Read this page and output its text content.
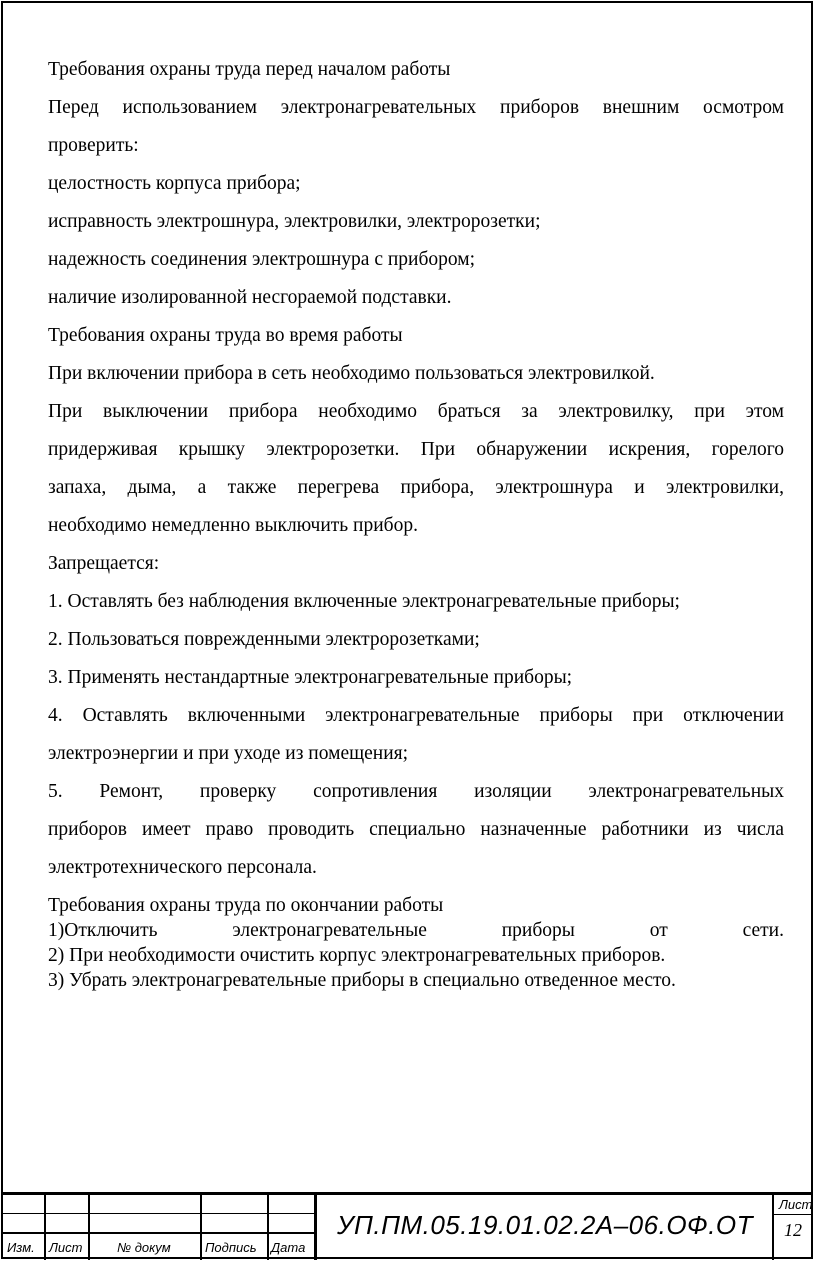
Требования охраны труда перед началом работы
Перед использованием электронагревательных приборов внешним осмотром
проверить:
целостность корпуса прибора;
исправность электрошнура, электровилки, электророзетки;
надежность соединения электрошнура с прибором;
наличие изолированной несгораемой подставки.
Требования охраны труда во время работы
При включении прибора в сеть необходимо пользоваться электровилкой.
При выключении прибора необходимо браться за электровилку, при этом
придерживая крышку электророзетки. При обнаружении искрения, горелого
запаха, дыма, а также перегрева прибора, электрошнура и электровилки,
необходимо немедленно выключить прибор.
Запрещается:
1. Оставлять без наблюдения включенные электронагревательные приборы;
2. Пользоваться поврежденными электророзетками;
3. Применять нестандартные электронагревательные приборы;
4. Оставлять включенными электронагревательные приборы при отключении
электроэнергии и при уходе из помещения;
5. Ремонт, проверку сопротивления изоляции электронагревательных
приборов имеет право проводить специально назначенные работники из числа
электротехнического персонала.
Требования охраны труда по окончании работы
1)Отключить электронагревательные приборы от сети.
2) При необходимости очистить корпус электронагревательных приборов.
3) Убрать электронагревательные приборы в специально отведенное место.
Изм. Лист	№ докум	Подпись Дата
УП.ПМ.05.19.01.02.2А–06.ОФ.ОТ
Лист
12
